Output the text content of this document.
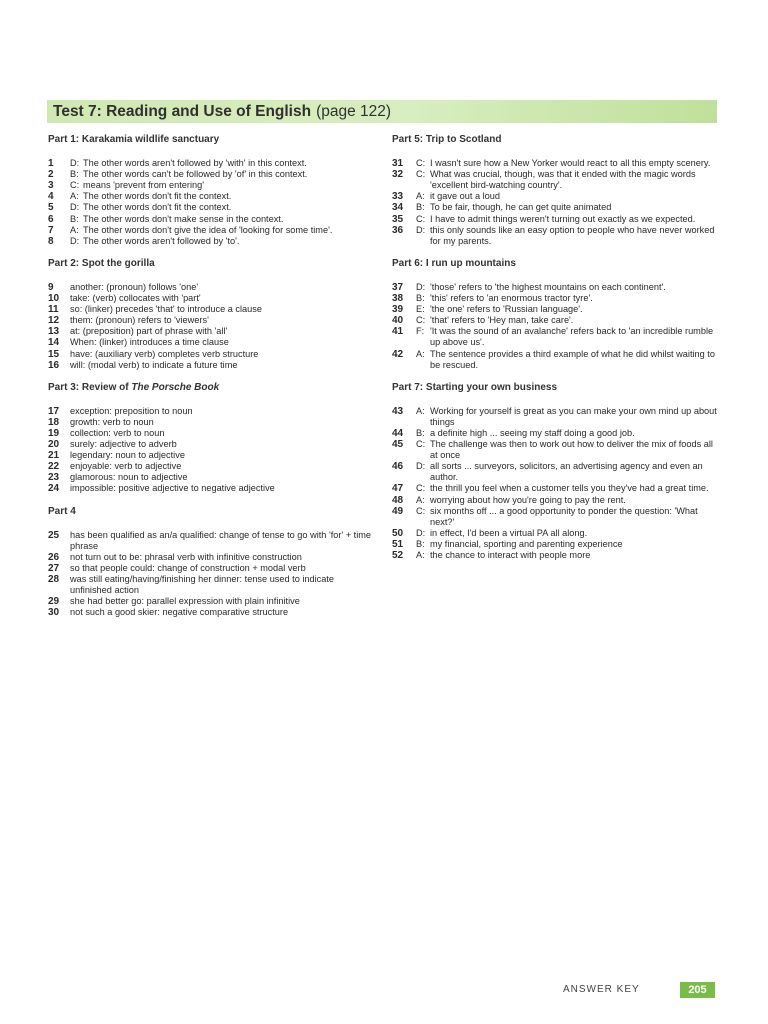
Test 7: Reading and Use of English (page 122)
Part 1: Karakamia wildlife sanctuary
1	D: The other words aren't followed by 'with' in this context.
2	B: The other words can't be followed by 'of' in this context.
3	C: means 'prevent from entering'
4	A: The other words don't fit the context.
5	D: The other words don't fit the context.
6	B: The other words don't make sense in the context.
7	A: The other words don't give the idea of 'looking for some time'.
8	D: The other words aren't followed by 'to'.
Part 2: Spot the gorilla
9	another: (pronoun) follows 'one'
10	take: (verb) collocates with 'part'
11	so: (linker) precedes 'that' to introduce a clause
12	them: (pronoun) refers to 'viewers'
13	at: (preposition) part of phrase with 'all'
14	When: (linker) introduces a time clause
15	have: (auxiliary verb) completes verb structure
16	will: (modal verb) to indicate a future time
Part 3: Review of The Porsche Book
17	exception: preposition to noun
18	growth: verb to noun
19	collection: verb to noun
20	surely: adjective to adverb
21	legendary: noun to adjective
22	enjoyable: verb to adjective
23	glamorous: noun to adjective
24	impossible: positive adjective to negative adjective
Part 4
25	has been qualified as an/a qualified: change of tense to go with 'for' + time phrase
26	not turn out to be: phrasal verb with infinitive construction
27	so that people could: change of construction + modal verb
28	was still eating/having/finishing her dinner: tense used to indicate unfinished action
29	she had better go: parallel expression with plain infinitive
30	not such a good skier: negative comparative structure
Part 5: Trip to Scotland
31	C: I wasn't sure how a New Yorker would react to all this empty scenery.
32	C: What was crucial, though, was that it ended with the magic words 'excellent bird-watching country'.
33	A: it gave out a loud
34	B: To be fair, though, he can get quite animated
35	C: I have to admit things weren't turning out exactly as we expected.
36	D: this only sounds like an easy option to people who have never worked for my parents.
Part 6: I run up mountains
37	D: 'those' refers to 'the highest mountains on each continent'.
38	B: 'this' refers to 'an enormous tractor tyre'.
39	E: 'the one' refers to 'Russian language'.
40	C: 'that' refers to 'Hey man, take care'.
41	F: 'It was the sound of an avalanche' refers back to 'an incredible rumble up above us'.
42	A: The sentence provides a third example of what he did whilst waiting to be rescued.
Part 7: Starting your own business
43	A: Working for yourself is great as you can make your own mind up about things
44	B: a definite high ... seeing my staff doing a good job.
45	C: The challenge was then to work out how to deliver the mix of foods all at once
46	D: all sorts ... surveyors, solicitors, an advertising agency and even an author.
47	C: the thrill you feel when a customer tells you they've had a great time.
48	A: worrying about how you're going to pay the rent.
49	C: six months off ... a good opportunity to ponder the question: 'What next?'
50	D: in effect, I'd been a virtual PA all along.
51	B: my financial, sporting and parenting experience
52	A: the chance to interact with people more
ANSWER KEY	205
